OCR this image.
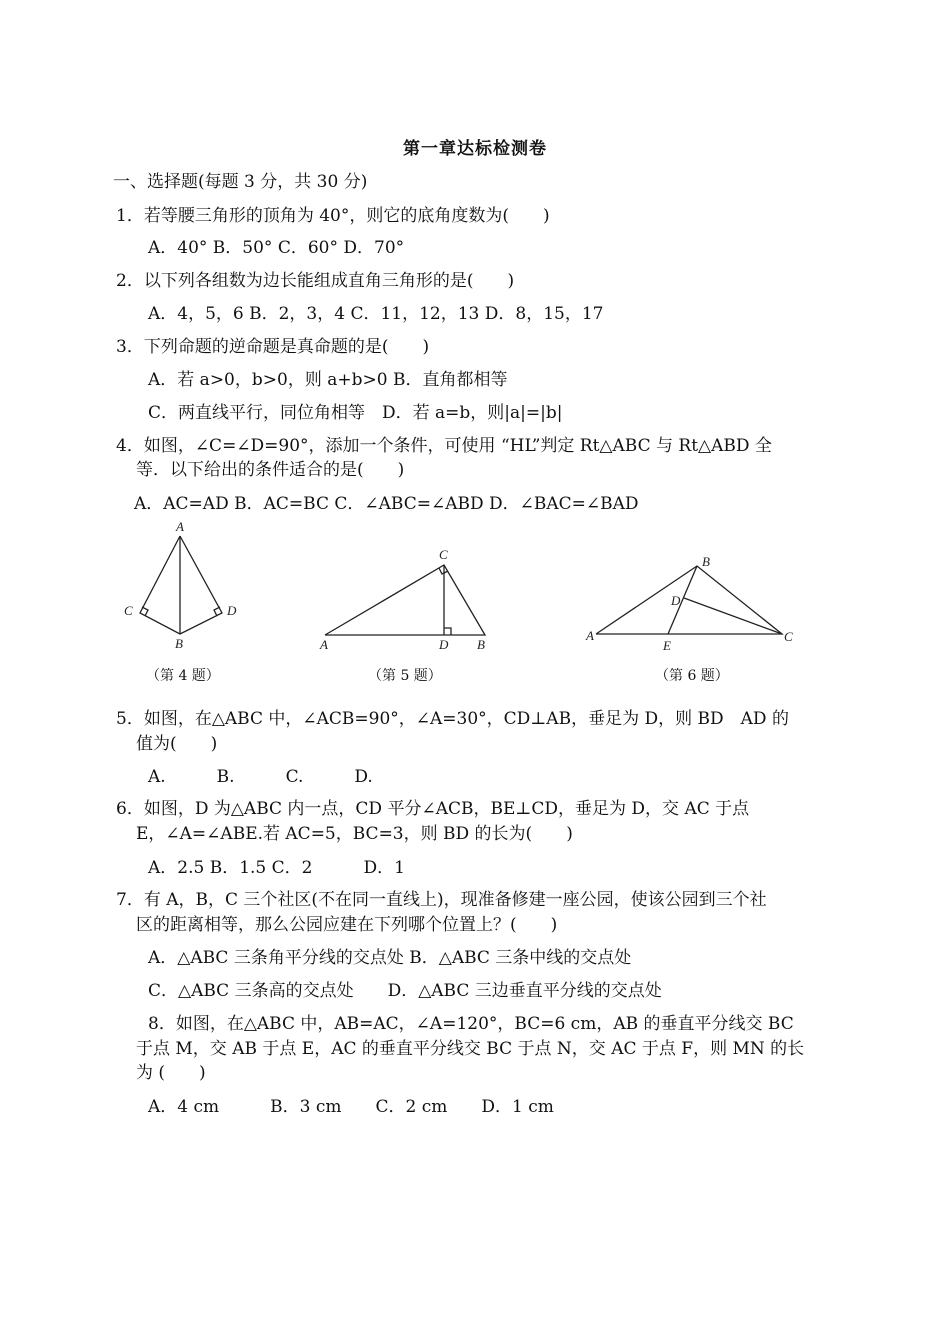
第一章达标检测卷
一、选择题(每题 3 分，共 30 分)
1．若等腰三角形的顶角为 40°，则它的底角度数为(　　)
A．40° B．50° C．60° D．70°
2．以下列各组数为边长能组成直角三角形的是(　　)
A．4，5，6 B．2，3，4 C．11，12，13 D．8，15，17
3．下列命题的逆命题是真命题的是(　　)
A．若 a>0，b>0，则 a+b>0 B．直角都相等
C．两直线平行，同位角相等　D．若 a=b，则|a|=|b|
4．如图，∠C=∠D=90°，添加一个条件，可使用 “HL”判定 Rt△ABC 与 Rt△ABD 全
等．以下给出的条件适合的是(　　)
A．AC=AD B．AC=BC C．∠ABC=∠ABD D．∠BAC=∠BAD
A
B
C	D
（第 4 题）
A	B
C
D
（第 5 题）
A
B
C
D
E
（第 6 题）
5．如图，在△ABC 中，∠ACB=90°，∠A=30°，CD⊥AB，垂足为 D，则 BD　AD 的
值为(　　)
A.　　　B.　　　C.　　　D.
6．如图，D 为△ABC 内一点，CD 平分∠ACB，BE⊥CD，垂足为 D，交 AC 于点
E，∠A=∠ABE.若 AC=5，BC=3，则 BD 的长为(　　)
A．2.5 B．1.5 C．2　　　D．1
7．有 A，B，C 三个社区(不在同一直线上)，现准备修建一座公园，使该公园到三个社
区的距离相等，那么公园应建在下列哪个位置上？(　　)
A．△ABC 三条角平分线的交点处 B．△ABC 三条中线的交点处
C．△ABC 三条高的交点处　　D．△ABC 三边垂直平分线的交点处
8．如图，在△ABC 中，AB=AC，∠A=120°，BC=6 cm，AB 的垂直平分线交 BC
于点 M，交 AB 于点 E，AC 的垂直平分线交 BC 于点 N，交 AC 于点 F，则 MN 的长
为 (　　)
A．4 cm　　　B．3 cm　　C．2 cm　　D．1 cm
